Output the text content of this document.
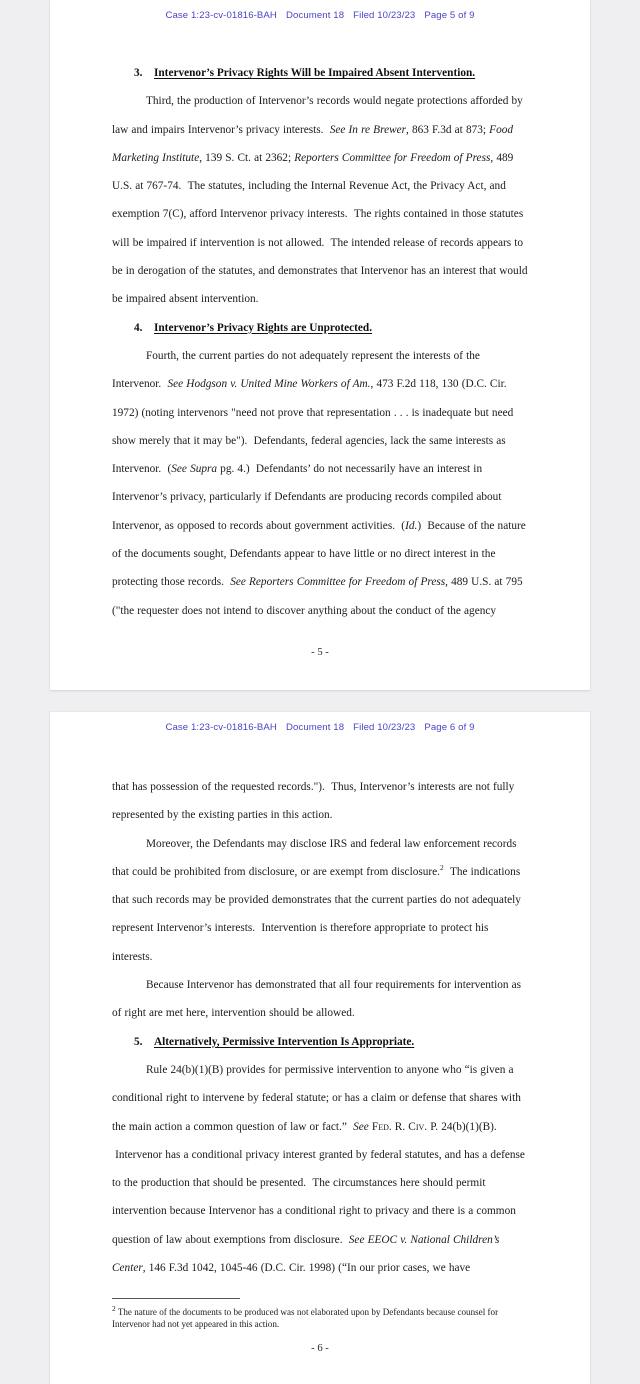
Case 1:23-cv-01816-BAH Document 18 Filed 10/23/23 Page 5 of 9
3.	Intervenor’s Privacy Rights Will be Impaired Absent Intervention.

Third, the production of Intervenor’s records would negate protections afforded by law and impairs Intervenor’s privacy interests.  See In re Brewer, 863 F.3d at 873; Food Marketing Institute, 139 S. Ct. at 2362; Reporters Committee for Freedom of Press, 489 U.S. at 767-74.  The statutes, including the Internal Revenue Act, the Privacy Act, and exemption 7(C), afford Intervenor privacy interests.  The rights contained in those statutes will be impaired if intervention is not allowed.  The intended release of records appears to be in derogation of the statutes, and demonstrates that Intervenor has an interest that would be impaired absent intervention.

4.	Intervenor’s Privacy Rights are Unprotected.

Fourth, the current parties do not adequately represent the interests of the Intervenor.  See Hodgson v. United Mine Workers of Am., 473 F.2d 118, 130 (D.C. Cir. 1972) (noting intervenors "need not prove that representation . . . is inadequate but need show merely that it may be").  Defendants, federal agencies, lack the same interests as Intervenor.  (See Supra pg. 4.)  Defendants’ do not necessarily have an interest in Intervenor’s privacy, particularly if Defendants are producing records compiled about Intervenor, as opposed to records about government activities.  (Id.)  Because of the nature of the documents sought, Defendants appear to have little or no direct interest in the protecting those records.  See Reporters Committee for Freedom of Press, 489 U.S. at 795 ("the requester does not intend to discover anything about the conduct of the agency

- 5 -
Case 1:23-cv-01816-BAH Document 18 Filed 10/23/23 Page 6 of 9

that has possession of the requested records.").  Thus, Intervenor’s interests are not fully represented by the existing parties in this action.

Moreover, the Defendants may disclose IRS and federal law enforcement records that could be prohibited from disclosure, or are exempt from disclosure.$^2$  The indications that such records may be provided demonstrates that the current parties do not adequately represent Intervenor’s interests.  Intervention is therefore appropriate to protect his interests.

Because Intervenor has demonstrated that all four requirements for intervention as of right are met here, intervention should be allowed.

5.	Alternatively, Permissive Intervention Is Appropriate.

Rule 24(b)(1)(B) provides for permissive intervention to anyone who “is given a conditional right to intervene by federal statute; or has a claim or defense that shares with the main action a common question of law or fact.”  See Fed. R. Civ. P. 24(b)(1)(B).  Intervenor has a conditional privacy interest granted by federal statutes, and has a defense to the production that should be presented.  The circumstances here should permit intervention because Intervenor has a conditional right to privacy and there is a common question of law about exemptions from disclosure.  See EEOC v. National Children’s Center, 146 F.3d 1042, 1045-46 (D.C. Cir. 1998) (“In our prior cases, we have

$^2$ The nature of the documents to be produced was not elaborated upon by Defendants because counsel for Intervenor had not yet appeared in this action.

- 6 -
